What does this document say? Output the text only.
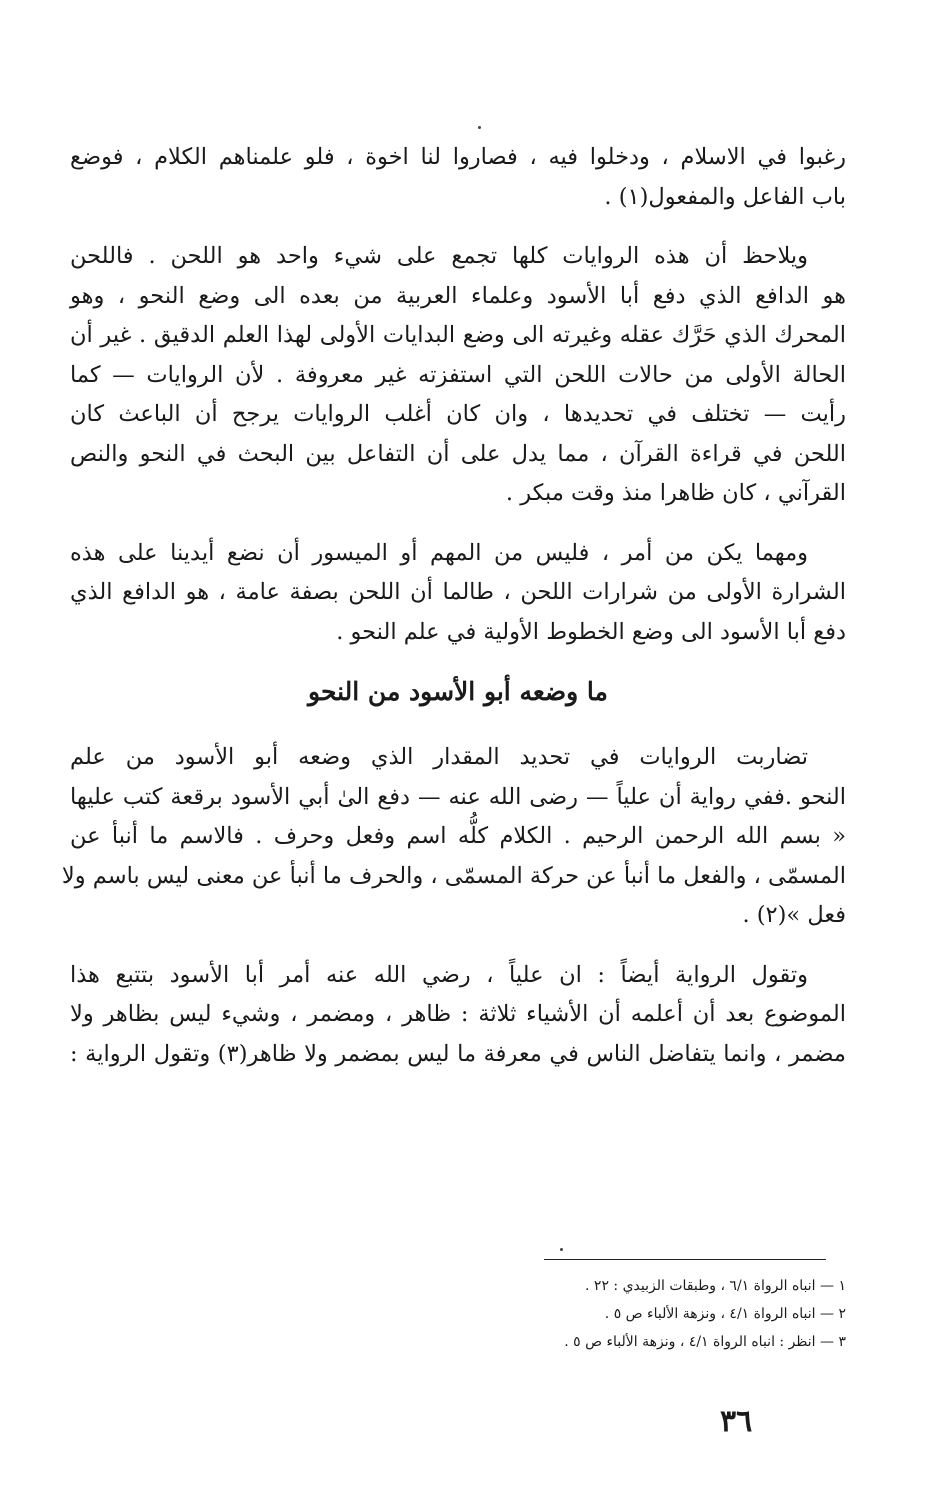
رغبوا في الاسلام ، ودخلوا فيه ، فصاروا لنا اخوة ، فلو علمناهم الكلام ، فوضع
باب الفاعل والمفعول(١) .
ويلاحظ أن هذه الروايات كلها تجمع على شيء واحد هو اللحن . فاللحن
هو الدافع الذي دفع أبا الأسود وعلماء العربية من بعده الى وضع النحو ، وهو
المحرك الذي حَرَّك عقله وغيرته الى وضع البدايات الأولى لهذا العلم الدقيق . غير أن
الحالة الأولى من حالات اللحن التي استفزته غير معروفة . لأن الروايات — كما
رأيت — تختلف في تحديدها ، وان كان أغلب الروايات يرجح أن الباعث كان
اللحن في قراءة القرآن ، مما يدل على أن التفاعل بين البحث في النحو والنص
القرآني ، كان ظاهرا منذ وقت مبكر .
ومهما يكن من أمر ، فليس من المهم أو الميسور أن نضع أيدينا على هذه
الشرارة الأولى من شرارات اللحن ، طالما أن اللحن بصفة عامة ، هو الدافع الذي
دفع أبا الأسود الى وضع الخطوط الأولية في علم النحو .
ما وضعه أبو الأسود من النحو
تضاربت الروايات في تحديد المقدار الذي وضعه أبو الأسود من علم
النحو .ففي رواية أن علياً — رضى الله عنه — دفع الىٰ أبي الأسود برقعة كتب عليها
« بسم الله الرحمن الرحيم . الكلام كلُّه اسم وفعل وحرف . فالاسم ما أنبأ عن
المسمّى ، والفعل ما أنبأ عن حركة المسمّى ، والحرف ما أنبأ عن معنى ليس باسم ولا
فعل »(٢) .
وتقول الرواية أيضاً : ان علياً ، رضي الله عنه أمر أبا الأسود بتتبع هذا
الموضوع بعد أن أعلمه أن الأشياء ثلاثة : ظاهر ، ومضمر ، وشيء ليس بظاهر ولا
مضمر ، وانما يتفاضل الناس في معرفة ما ليس بمضمر ولا ظاهر(٣) وتقول الرواية :
١ — انباه الرواة ٦/١ ، وطبقات الزبيدي : ٢٢ .
٢ — انباه الرواة ٤/١ ، ونزهة الألباء ص ٥ .
٣ — انظر : انباه الرواة ٤/١ ، ونزهة الألباء ص ٥ .
٣٦
